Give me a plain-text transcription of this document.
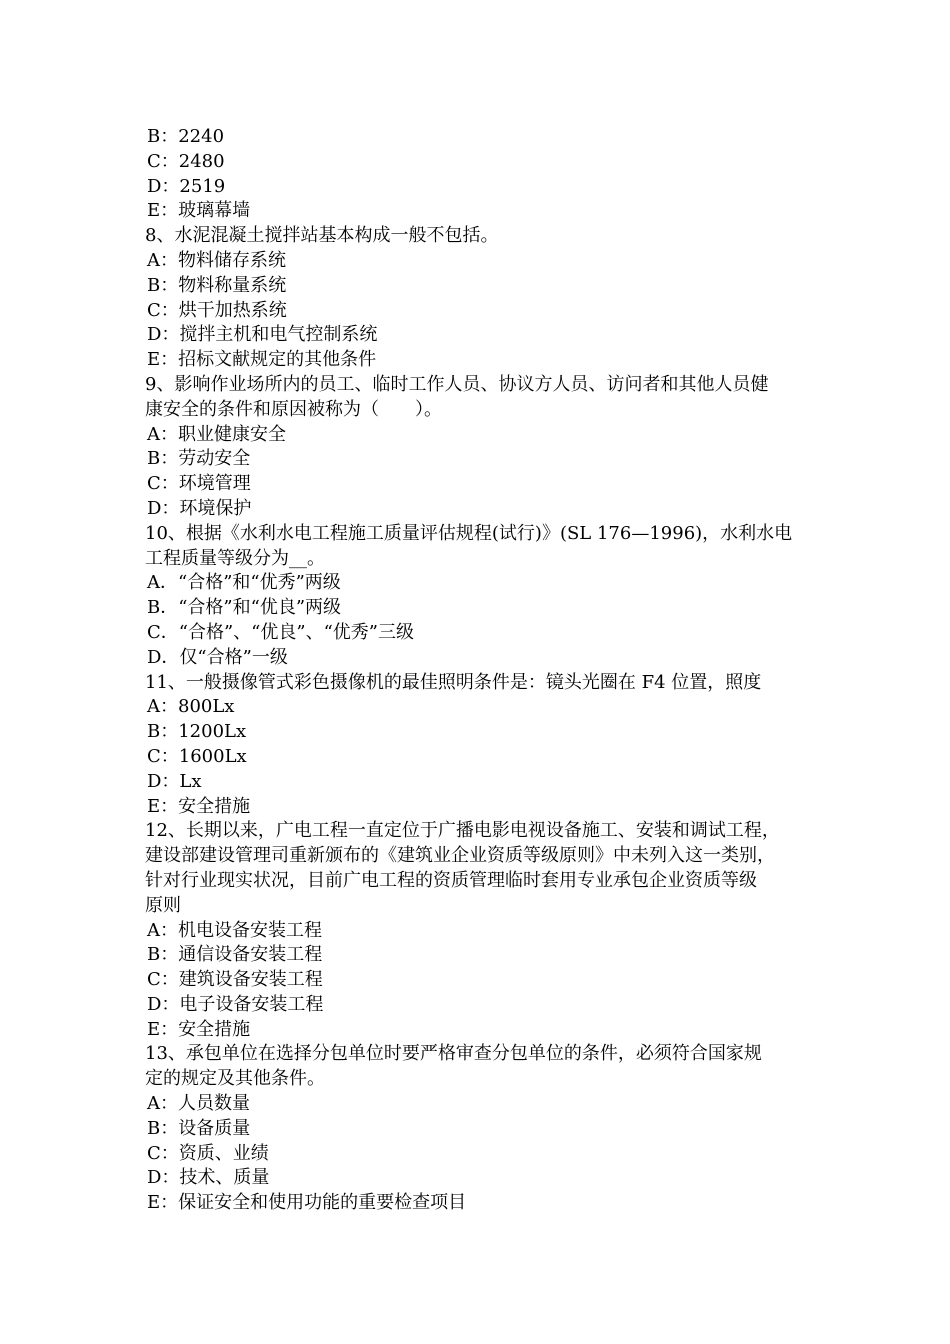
B：2240
C：2480
D：2519
E：玻璃幕墙
8、水泥混凝土搅拌站基本构成一般不包括。
A：物料储存系统
B：物料称量系统
C：烘干加热系统
D：搅拌主机和电气控制系统
E：招标文献规定的其他条件
9、影响作业场所内的员工、临时工作人员、协议方人员、访问者和其他人员健
康安全的条件和原因被称为（　　）。
A：职业健康安全
B：劳动安全
C：环境管理
D：环境保护
10、根据《水利水电工程施工质量评估规程(试行)》(SL 176—1996)，水利水电
工程质量等级分为__。
A．“合格”和“优秀”两级
B．“合格”和“优良”两级
C．“合格”、“优良”、“优秀”三级
D．仅“合格”一级
11、一般摄像管式彩色摄像机的最佳照明条件是：镜头光圈在 F4 位置，照度
A：800Lx
B：1200Lx
C：1600Lx
D：Lx
E：安全措施
12、长期以来，广电工程一直定位于广播电影电视设备施工、安装和调试工程，
建设部建设管理司重新颁布的《建筑业企业资质等级原则》中未列入这一类别，
针对行业现实状况，目前广电工程的资质管理临时套用专业承包企业资质等级
原则
A：机电设备安装工程
B：通信设备安装工程
C：建筑设备安装工程
D：电子设备安装工程
E：安全措施
13、承包单位在选择分包单位时要严格审查分包单位的条件，必须符合国家规
定的规定及其他条件。
A：人员数量
B：设备质量
C：资质、业绩
D：技术、质量
E：保证安全和使用功能的重要检查项目
